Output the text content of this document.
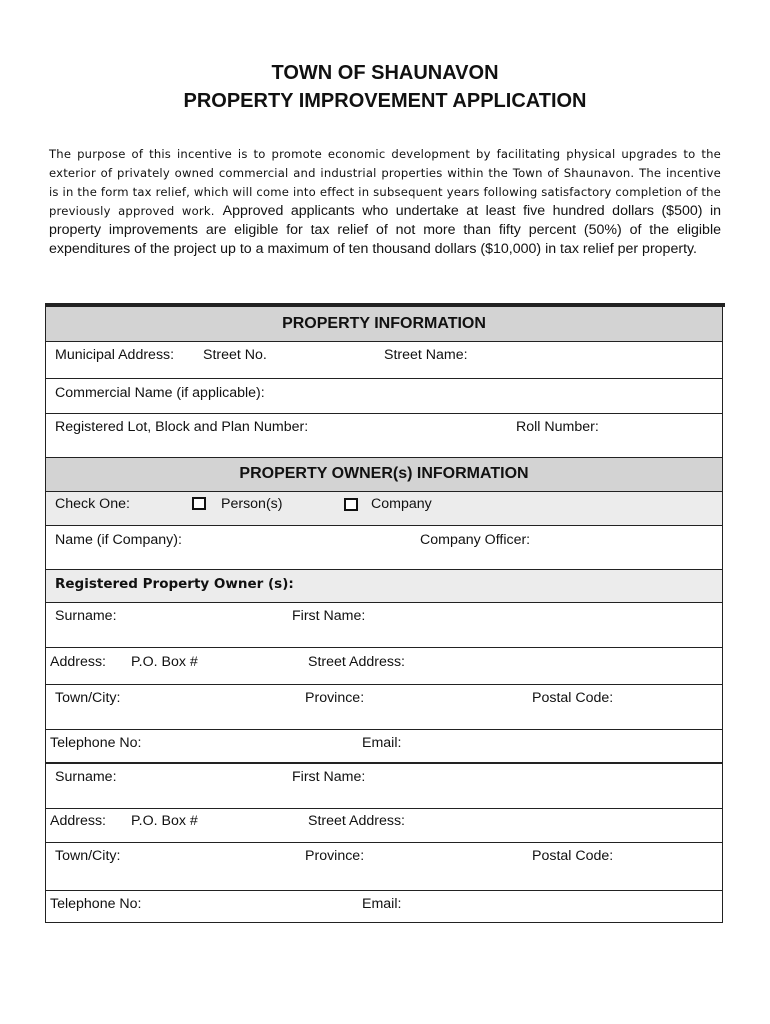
TOWN OF SHAUNAVON
PROPERTY IMPROVEMENT APPLICATION
The purpose of this incentive is to promote economic development by facilitating physical upgrades to the exterior of privately owned commercial and industrial properties within the Town of Shaunavon. The incentive is in the form tax relief, which will come into effect in subsequent years following satisfactory completion of the previously approved work. Approved applicants who undertake at least five hundred dollars ($500) in property improvements are eligible for tax relief of not more than fifty percent (50%) of the eligible expenditures of the project up to a maximum of ten thousand dollars ($10,000) in tax relief per property.
PROPERTY INFORMATION
Municipal Address: Street No.	Street Name:
Commercial Name (if applicable):
Registered Lot, Block and Plan Number:	Roll Number:
PROPERTY OWNER(s) INFORMATION
Check One:	Person(s)	Company
Name (if Company):	Company Officer:
Registered Property Owner (s):
Surname:	First Name:
Address: P.O. Box #	Street Address:
Town/City:	Province:	Postal Code:
Telephone No:	Email:
Surname:	First Name:
Address: P.O. Box #	Street Address:
Town/City:	Province:	Postal Code:
Telephone No:	Email:
